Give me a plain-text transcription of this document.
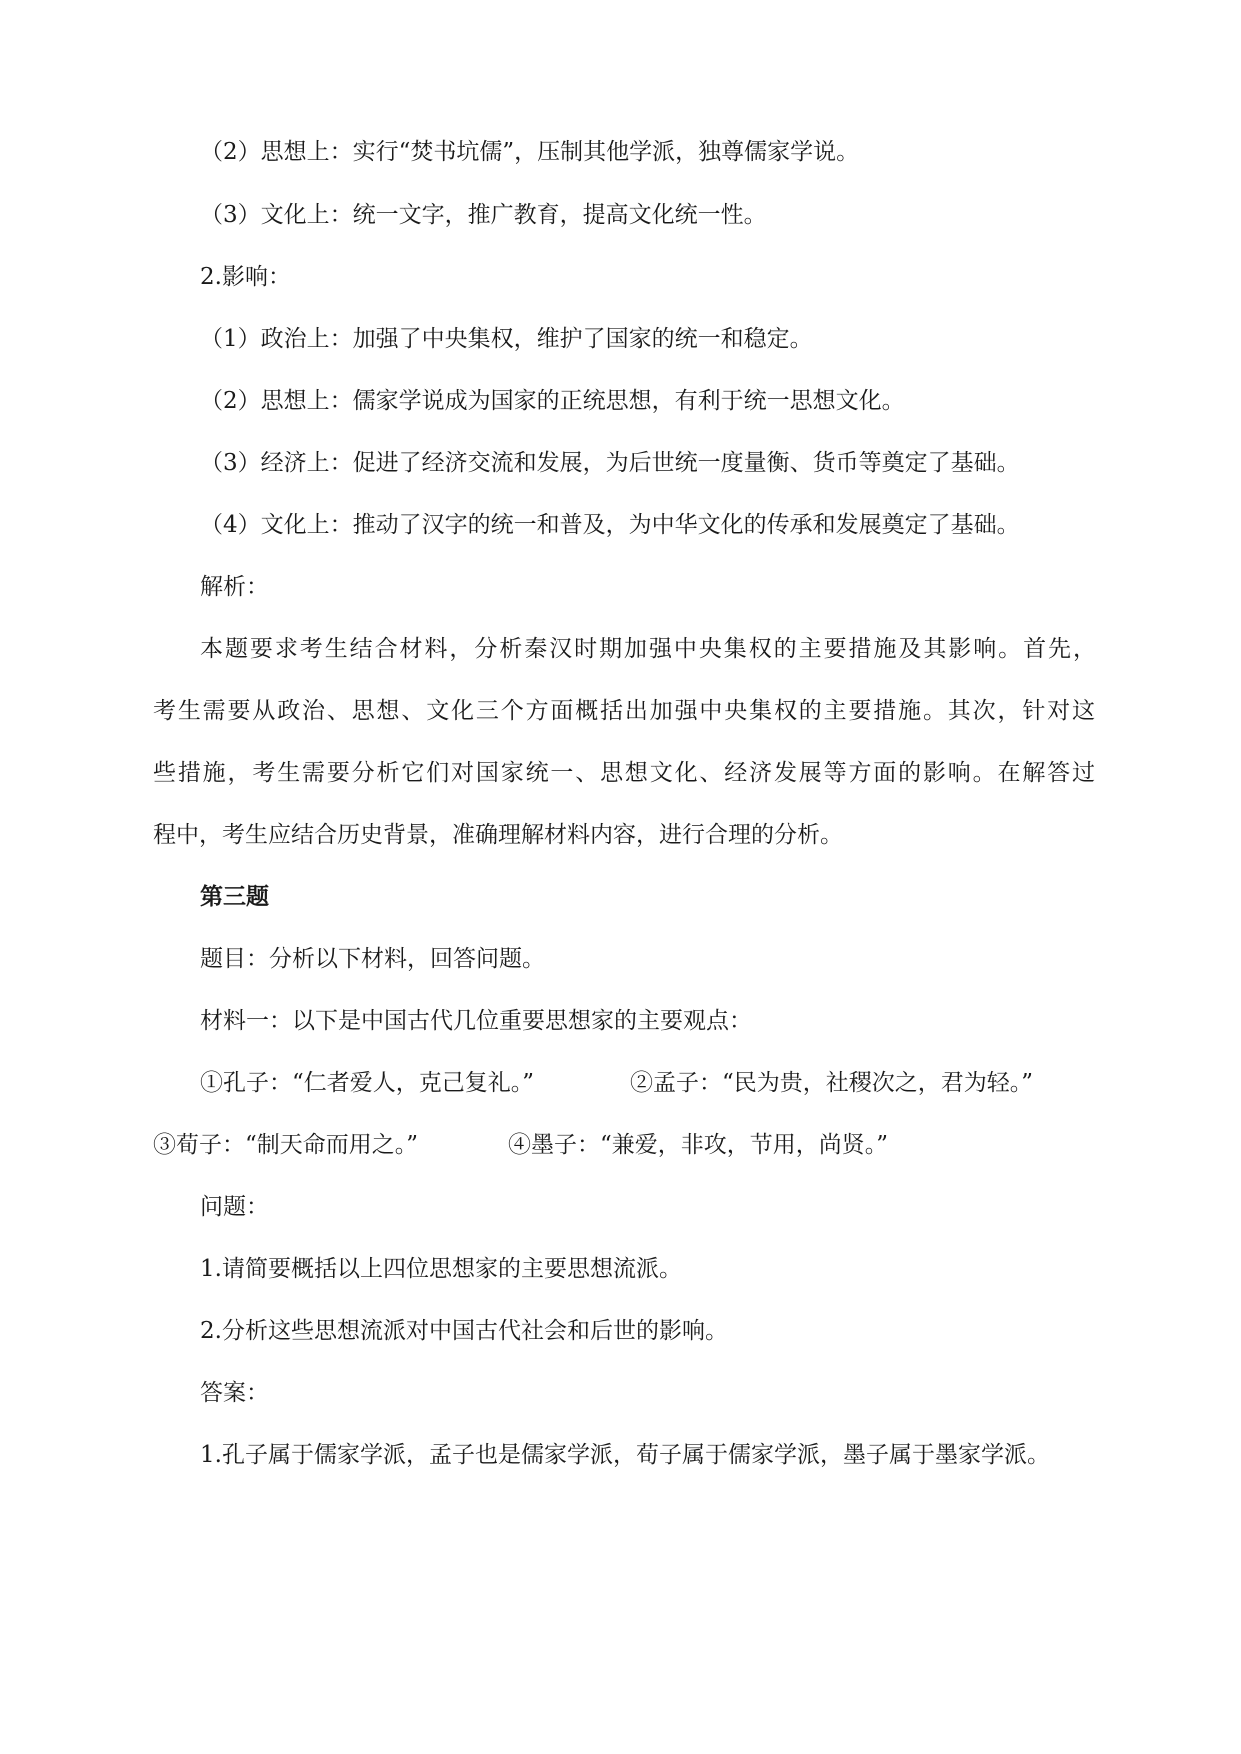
（2）思想上：实行“焚书坑儒”，压制其他学派，独尊儒家学说。

（3）文化上：统一文字，推广教育，提高文化统一性。

2.影响：

（1）政治上：加强了中央集权，维护了国家的统一和稳定。

（2）思想上：儒家学说成为国家的正统思想，有利于统一思想文化。

（3）经济上：促进了经济交流和发展，为后世统一度量衡、货币等奠定了基础。

（4）文化上：推动了汉字的统一和普及，为中华文化的传承和发展奠定了基础。

解析：

本题要求考生结合材料，分析秦汉时期加强中央集权的主要措施及其影响。首先，

考生需要从政治、思想、文化三个方面概括出加强中央集权的主要措施。其次，针对这

些措施，考生需要分析它们对国家统一、思想文化、经济发展等方面的影响。在解答过

程中，考生应结合历史背景，准确理解材料内容，进行合理的分析。

第三题

题目：分析以下材料，回答问题。

材料一：以下是中国古代几位重要思想家的主要观点：

①孔子：“仁者爱人，克己复礼。”	②孟子：“民为贵，社稷次之，君为轻。”

③荀子：“制天命而用之。”	④墨子：“兼爱，非攻，节用，尚贤。”

问题：

1.请简要概括以上四位思想家的主要思想流派。

2.分析这些思想流派对中国古代社会和后世的影响。

答案：

1.孔子属于儒家学派，孟子也是儒家学派，荀子属于儒家学派，墨子属于墨家学派。
